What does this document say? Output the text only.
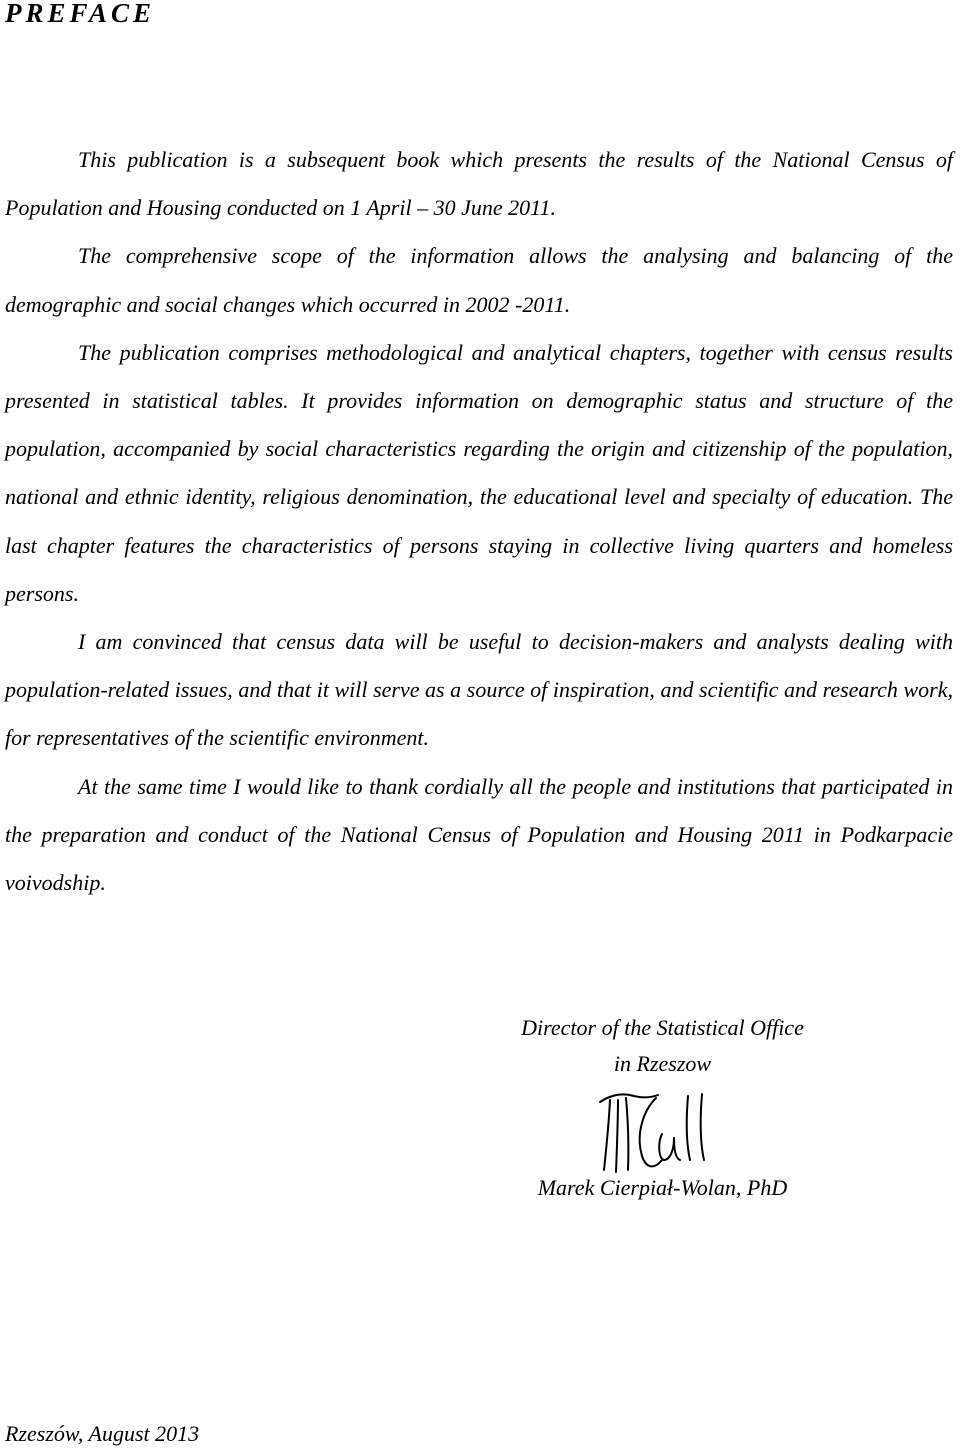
PREFACE

This publication is a subsequent book which presents the results of the National Census of Population and Housing conducted on 1 April – 30 June 2011.

The comprehensive scope of the information allows the analysing and balancing of the demographic and social changes which occurred in 2002 -2011.

The publication comprises methodological and analytical chapters, together with census results presented in statistical tables. It provides information on demographic status and structure of the population, accompanied by social characteristics regarding the origin and citizenship of the population, national and ethnic identity, religious denomination, the educational level and specialty of education. The last chapter features the characteristics of persons staying in collective living quarters and homeless persons.

I am convinced that census data will be useful to decision-makers and analysts dealing with population-related issues, and that it will serve as a source of inspiration, and scientific and research work, for representatives of the scientific environment.

At the same time I would like to thank cordially all the people and institutions that participated in the preparation and conduct of the National Census of Population and Housing 2011 in Podkarpacie voivodship.

Director of the Statistical Office
in Rzeszow
Marek Cierpiał-Wolan, PhD
Rzeszów, August 2013
